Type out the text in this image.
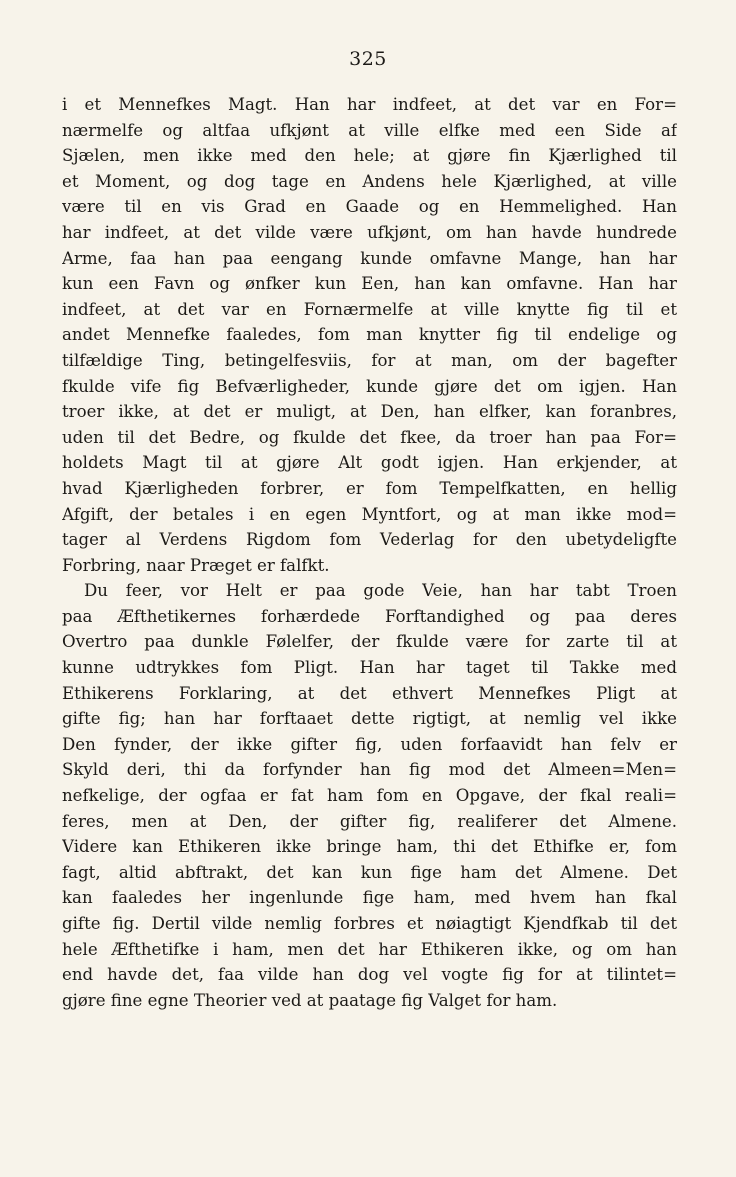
325
i et Mennefkes Magt. Han har indfeet, at det var en For=
nærmelfe og altfaa ufkjønt at ville elfke med een Side af
Sjælen, men ikke med den hele; at gjøre fin Kjærlighed til
et Moment, og dog tage en Andens hele Kjærlighed, at ville
være til en vis Grad en Gaade og en Hemmelighed. Han
har indfeet, at det vilde være ufkjønt, om han havde hundrede
Arme, faa han paa eengang kunde omfavne Mange, han har
kun een Favn og ønfker kun Een, han kan omfavne. Han har
indfeet, at det var en Fornærmelfe at ville knytte fig til et
andet Mennefke faaledes, fom man knytter fig til endelige og
tilfældige Ting, betingelfesviis, for at man, om der bagefter
fkulde vife fig Befværligheder, kunde gjøre det om igjen. Han
troer ikke, at det er muligt, at Den, han elfker, kan foranbres,
uden til det Bedre, og fkulde det fkee, da troer han paa For=
holdets Magt til at gjøre Alt godt igjen. Han erkjender, at
hvad Kjærligheden forbrer, er fom Tempelfkatten, en hellig
Afgift, der betales i en egen Myntfort, og at man ikke mod=
tager al Verdens Rigdom fom Vederlag for den ubetydeligfte
Forbring, naar Præget er falfkt.
Du feer, vor Helt er paa gode Veie, han har tabt Troen
paa Æfthetikernes forhærdede Forftandighed og paa deres
Overtro paa dunkle Følelfer, der fkulde være for zarte til at
kunne udtrykkes fom Pligt. Han har taget til Takke med
Ethikerens Forklaring, at det ethvert Mennefkes Pligt at
gifte fig; han har forftaaet dette rigtigt, at nemlig vel ikke
Den fynder, der ikke gifter fig, uden forfaavidt han felv er
Skyld deri, thi da forfynder han fig mod det Almeen=Men=
nefkelige, der ogfaa er fat ham fom en Opgave, der fkal reali=
feres, men at Den, der gifter fig, realiferer det Almene.
Videre kan Ethikeren ikke bringe ham, thi det Ethifke er, fom
fagt, altid abftrakt, det kan kun fige ham det Almene. Det
kan faaledes her ingenlunde fige ham, med hvem han fkal
gifte fig. Dertil vilde nemlig forbres et nøiagtigt Kjendfkab til det
hele Æfthetifke i ham, men det har Ethikeren ikke, og om han
end havde det, faa vilde han dog vel vogte fig for at tilintet=
gjøre fine egne Theorier ved at paatage fig Valget for ham.
